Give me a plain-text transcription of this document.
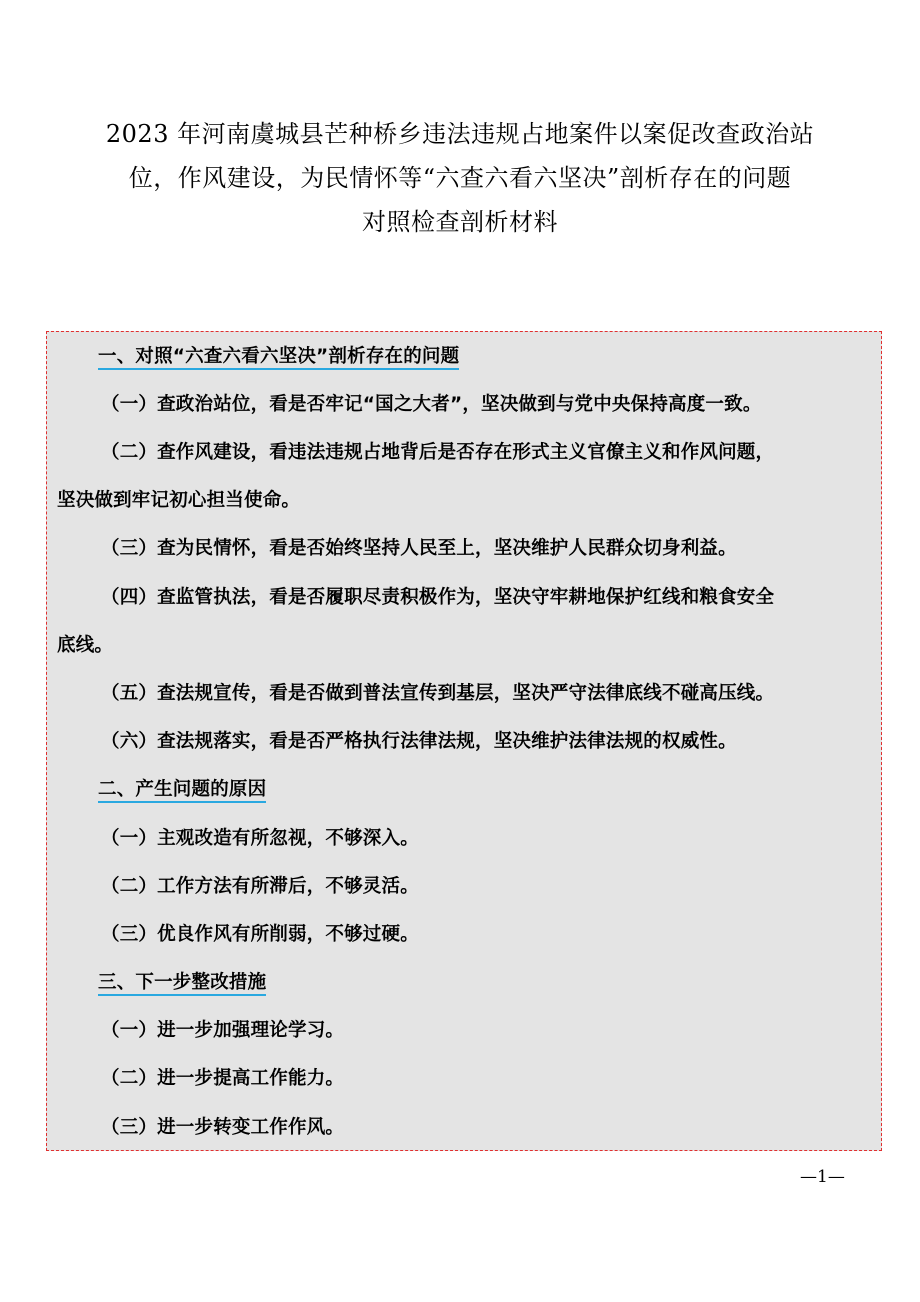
2023 年河南虞城县芒种桥乡违法违规占地案件以案促改查政治站
位，作风建设，为民情怀等“六查六看六坚决”剖析存在的问题
对照检查剖析材料
一、对照“六查六看六坚决”剖析存在的问题
（一）查政治站位，看是否牢记“国之大者”，坚决做到与党中央保持高度一致。
（二）查作风建设，看违法违规占地背后是否存在形式主义官僚主义和作风问题，
坚决做到牢记初心担当使命。
（三）查为民情怀，看是否始终坚持人民至上，坚决维护人民群众切身利益。
（四）查监管执法，看是否履职尽责积极作为，坚决守牢耕地保护红线和粮食安全
底线。
（五）查法规宣传，看是否做到普法宣传到基层，坚决严守法律底线不碰高压线。
（六）查法规落实，看是否严格执行法律法规，坚决维护法律法规的权威性。
二、产生问题的原因
（一）主观改造有所忽视，不够深入。
（二）工作方法有所滞后，不够灵活。
（三）优良作风有所削弱，不够过硬。
三、下一步整改措施
（一）进一步加强理论学习。
（二）进一步提高工作能力。
（三）进一步转变工作作风。
—1—
